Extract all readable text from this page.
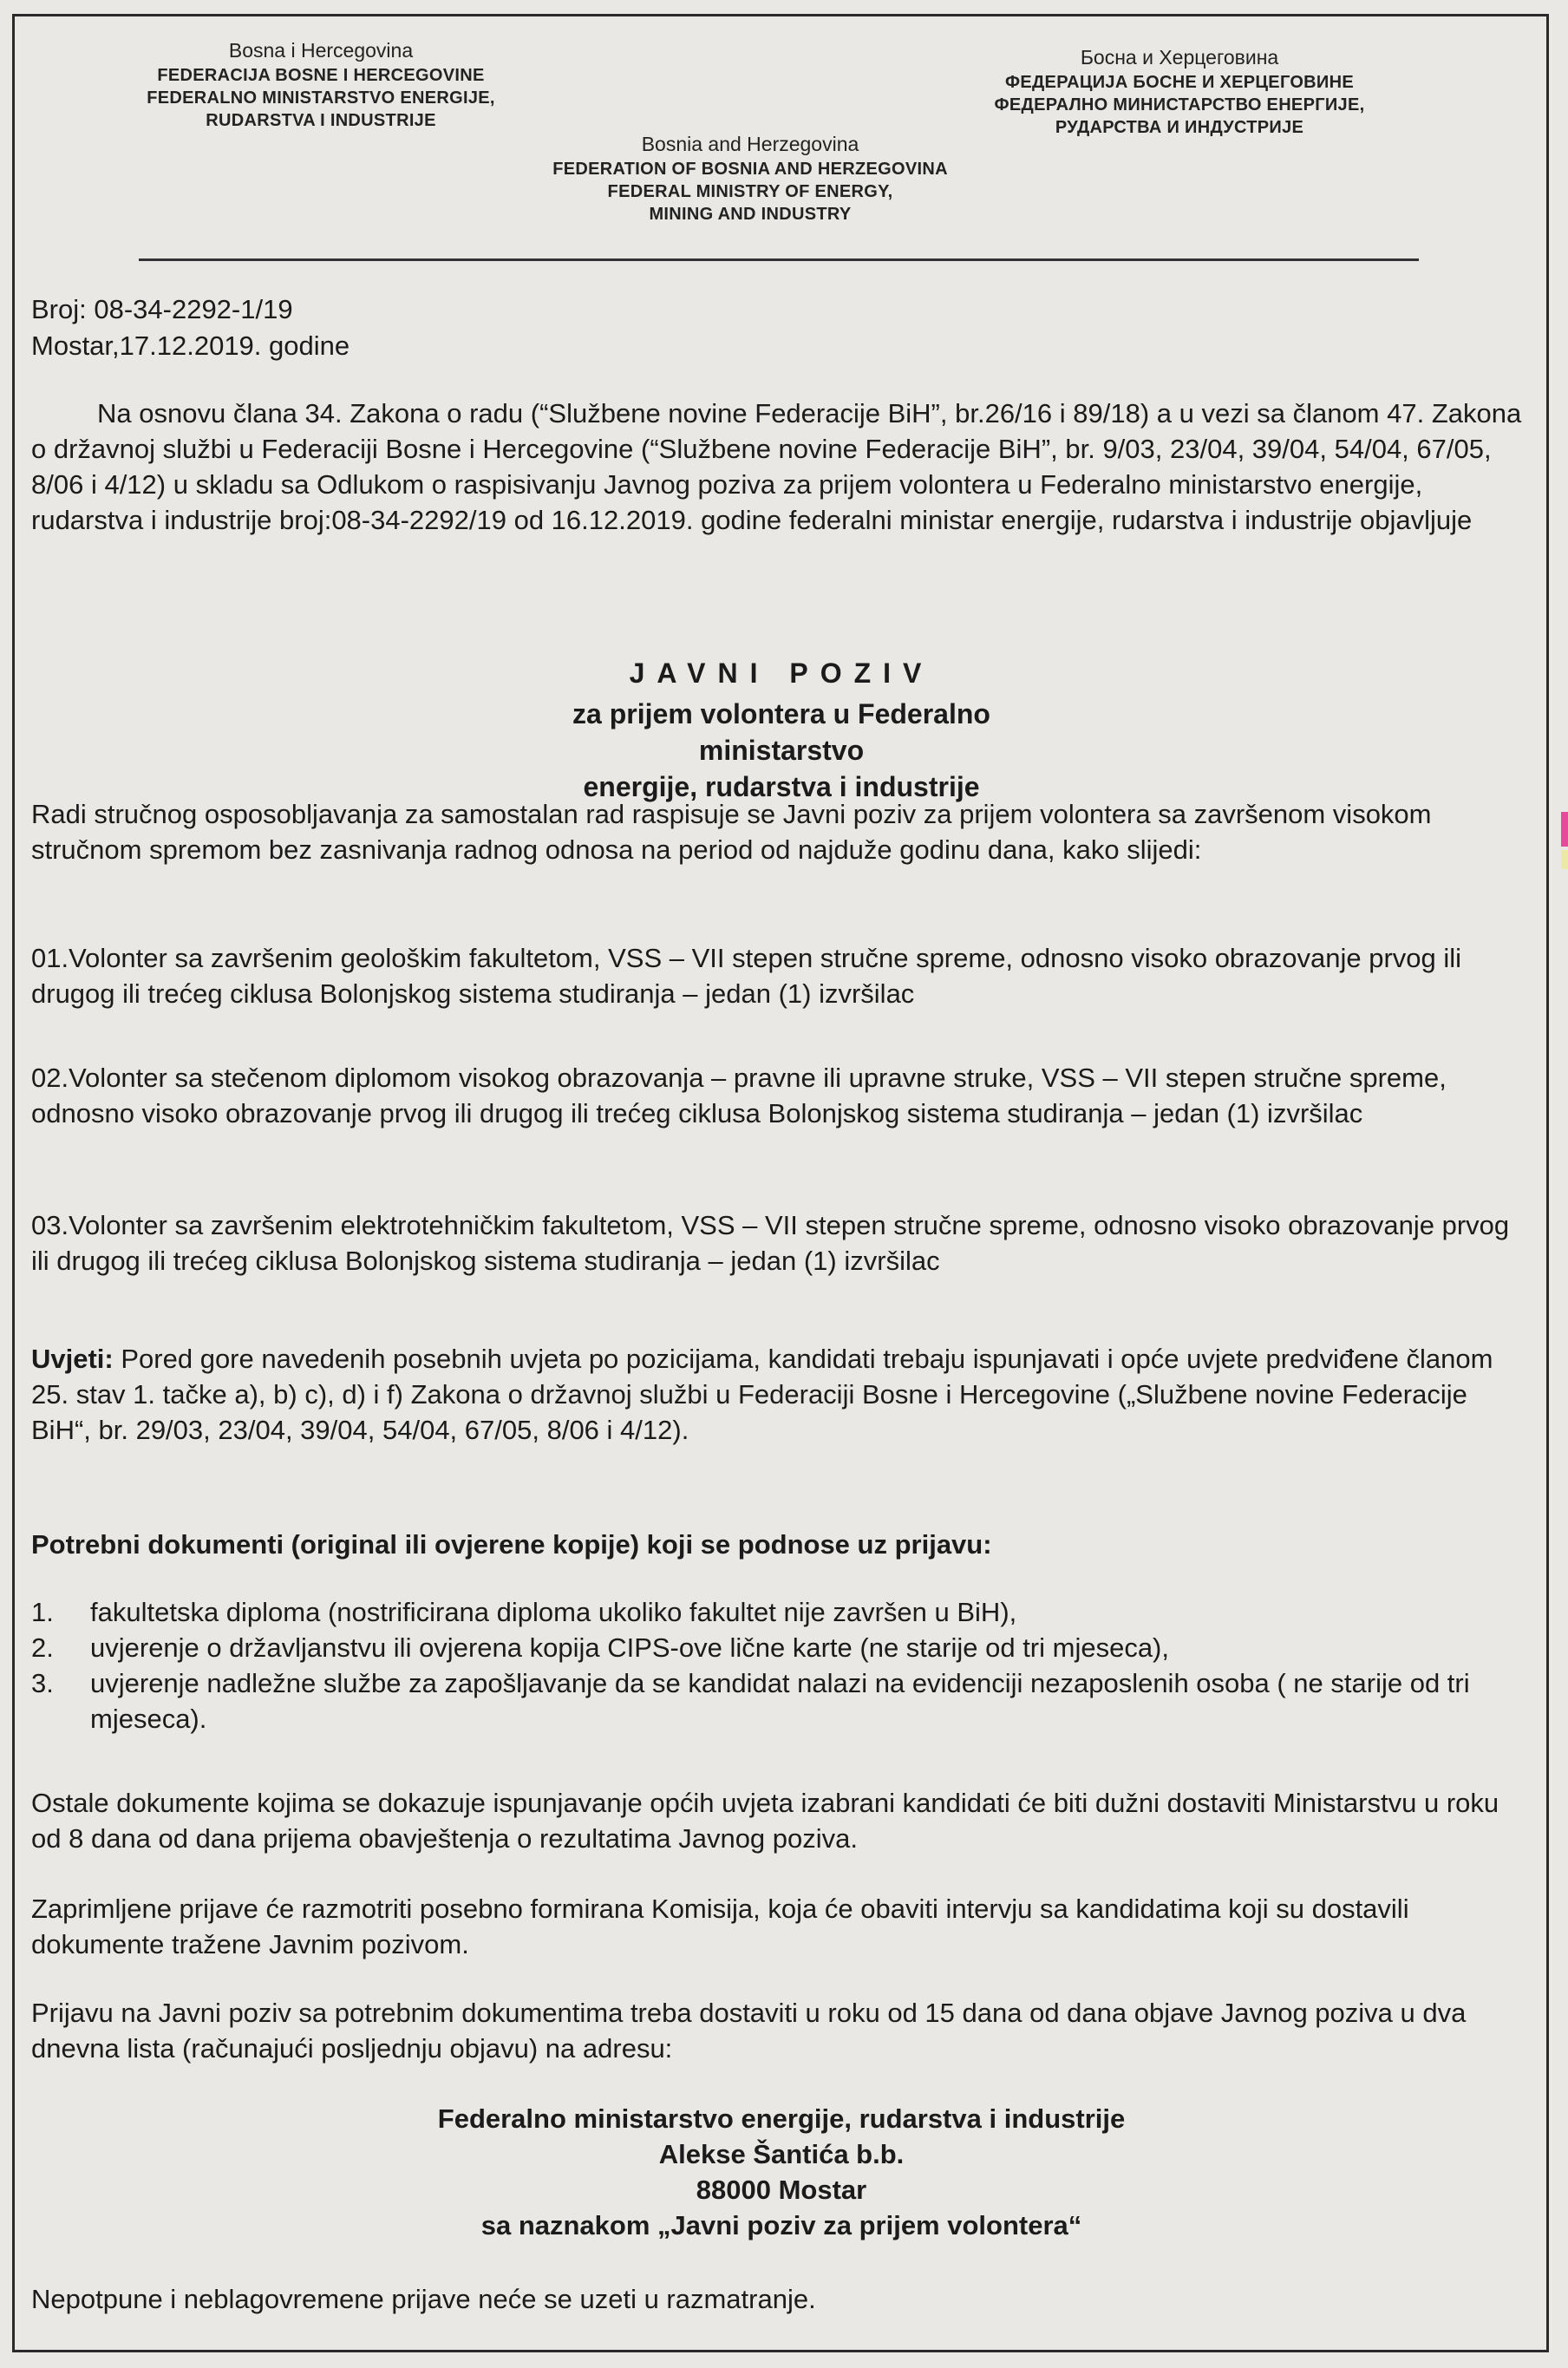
Bosna i Hercegovina
FEDERACIJA BOSNE I HERCEGOVINE
FEDERALNO MINISTARSTVO ENERGIJE,
RUDARSTVA I INDUSTRIJE
Bosnia and Herzegovina
FEDERATION OF BOSNIA AND HERZEGOVINA
FEDERAL MINISTRY OF ENERGY,
MINING AND INDUSTRY
Босна и Херцеговина
ФЕДЕРАЦИЈА БОСНЕ И ХЕРЦЕГОВИНЕ
ФЕДЕРАЛНО МИНИСТАРСТВО ЕНЕРГИЈЕ,
РУДАРСТВА И ИНДУСТРИЈЕ
Broj: 08-34-2292-1/19
Mostar,17.12.2019. godine
Na osnovu člana 34. Zakona o radu (“Službene novine Federacije BiH”, br.26/16 i 89/18) a u vezi sa članom 47. Zakona o državnoj službi u Federaciji Bosne i Hercegovine (“Službene novine Federacije BiH”, br. 9/03, 23/04, 39/04, 54/04, 67/05, 8/06 i 4/12) u skladu sa Odlukom o raspisivanju Javnog poziva za prijem volontera u Federalno ministarstvo energije, rudarstva i industrije broj:08-34-2292/19 od 16.12.2019. godine federalni ministar energije, rudarstva i industrije objavljuje
JAVNI POZIV
za prijem volontera u Federalno ministarstvo
energije, rudarstva i industrije
Radi stručnog osposobljavanja za samostalan rad raspisuje se Javni poziv za prijem volontera sa završenom visokom stručnom spremom bez zasnivanja radnog odnosa na period od najduže godinu dana, kako slijedi:
01.Volonter sa završenim geološkim fakultetom, VSS – VII stepen stručne spreme, odnosno visoko obrazovanje prvog ili drugog ili trećeg ciklusa Bolonjskog sistema studiranja – jedan (1) izvršilac
02.Volonter sa stečenom diplomom visokog obrazovanja – pravne ili upravne struke, VSS – VII stepen stručne spreme, odnosno visoko obrazovanje prvog ili drugog ili trećeg ciklusa Bolonjskog sistema studiranja – jedan (1) izvršilac
03.Volonter sa završenim elektrotehničkim fakultetom, VSS – VII stepen stručne spreme, odnosno visoko obrazovanje prvog ili drugog ili trećeg ciklusa Bolonjskog sistema studiranja – jedan (1) izvršilac
Uvjeti: Pored gore navedenih posebnih uvjeta po pozicijama, kandidati trebaju ispunjavati i opće uvjete predviđene članom 25. stav 1. tačke a), b) c), d) i f) Zakona o državnoj službi u Federaciji Bosne i Hercegovine („Službene novine Federacije BiH“, br. 29/03, 23/04, 39/04, 54/04, 67/05, 8/06 i 4/12).
Potrebni dokumenti (original ili ovjerene kopije) koji se podnose uz prijavu:
1. fakultetska diploma (nostrificirana diploma ukoliko fakultet nije završen u BiH),
2. uvjerenje o državljanstvu ili ovjerena kopija CIPS-ove lične karte (ne starije od tri mjeseca),
3. uvjerenje nadležne službe za zapošljavanje da se kandidat nalazi na evidenciji nezaposlenih osoba ( ne starije od tri mjeseca).
Ostale dokumente kojima se dokazuje ispunjavanje općih uvjeta izabrani kandidati će biti dužni dostaviti Ministarstvu u roku od 8 dana od dana prijema obavještenja o rezultatima Javnog poziva.
Zaprimljene prijave će razmotriti posebno formirana Komisija, koja će obaviti intervju sa kandidatima koji su dostavili dokumente tražene Javnim pozivom.
Prijavu na Javni poziv sa potrebnim dokumentima treba dostaviti u roku od 15 dana od dana objave Javnog poziva u dva dnevna lista (računajući posljednju objavu) na adresu:
Federalno ministarstvo energije, rudarstva i industrije
Alekse Šantića b.b.
88000 Mostar
sa naznakom „Javni poziv za prijem volontera“
Nepotpune i neblagovremene prijave neće se uzeti u razmatranje.
